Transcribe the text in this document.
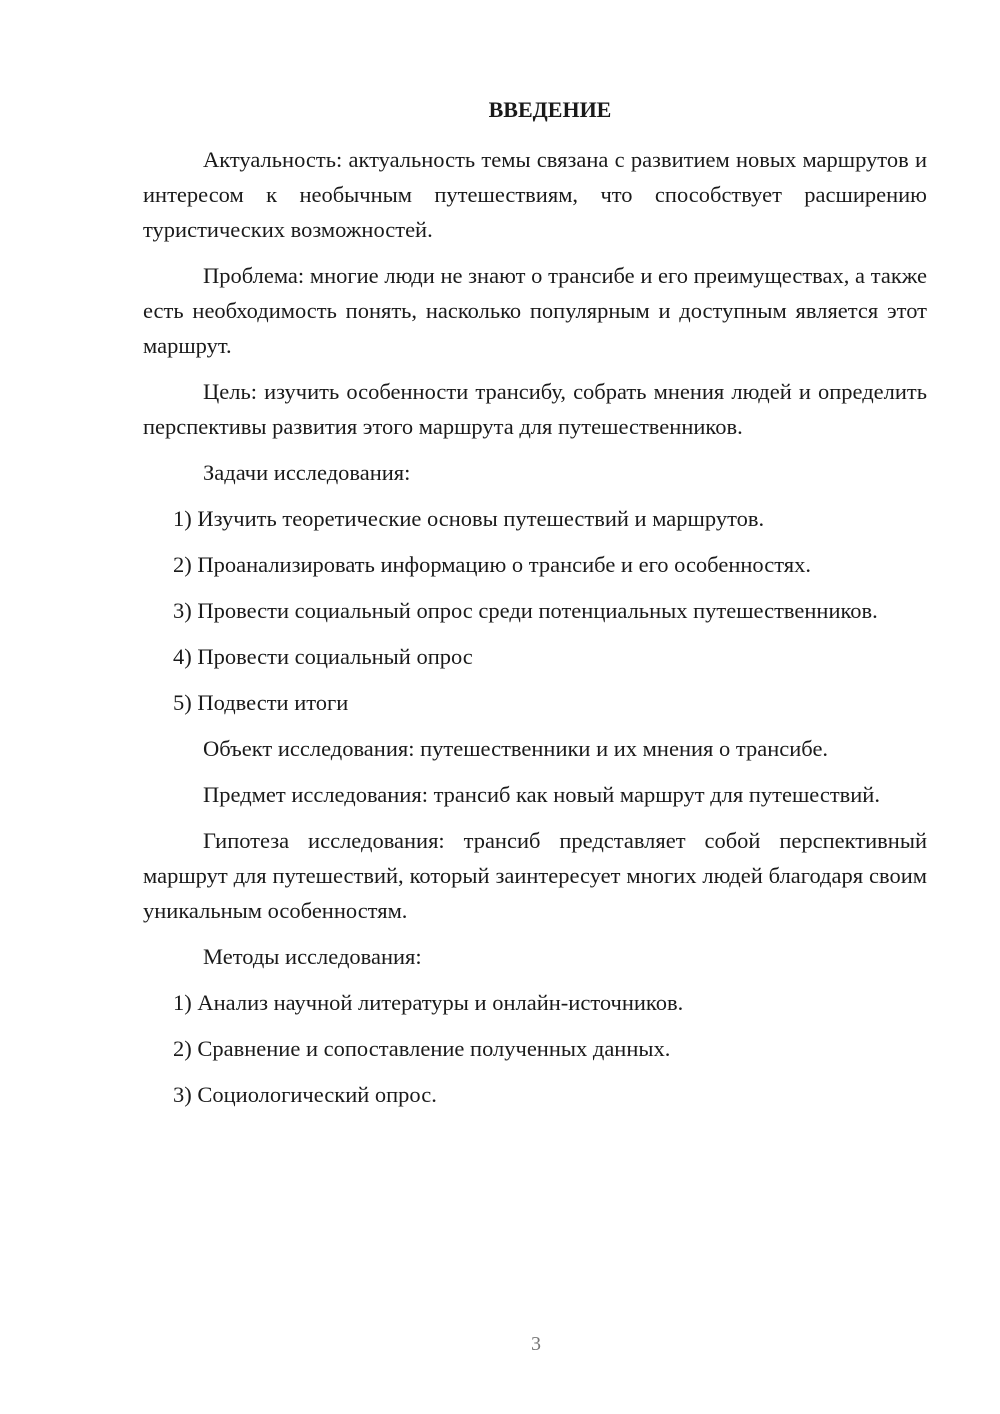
ВВЕДЕНИЕ

Актуальность: актуальность темы связана с развитием новых маршрутов и интересом к необычным путешествиям, что способствует расширению туристических возможностей.

Проблема: многие люди не знают о трансибе и его преимуществах, а также есть необходимость понять, насколько популярным и доступным является этот маршрут.

Цель: изучить особенности трансибу, собрать мнения людей и определить перспективы развития этого маршрута для путешественников.

Задачи исследования:

1) Изучить теоретические основы путешествий и маршрутов.

2) Проанализировать информацию о трансибе и его особенностях.

3) Провести социальный опрос среди потенциальных путешественников.

4) Провести социальный опрос

5) Подвести итоги

Объект исследования: путешественники и их мнения о трансибе.

Предмет исследования: трансиб как новый маршрут для путешествий.

Гипотеза исследования: трансиб представляет собой перспективный маршрут для путешествий, который заинтересует многих людей благодаря своим уникальным особенностям.

Методы исследования:

1) Анализ научной литературы и онлайн-источников.

2) Сравнение и сопоставление полученных данных.

3) Социологический опрос.

3
